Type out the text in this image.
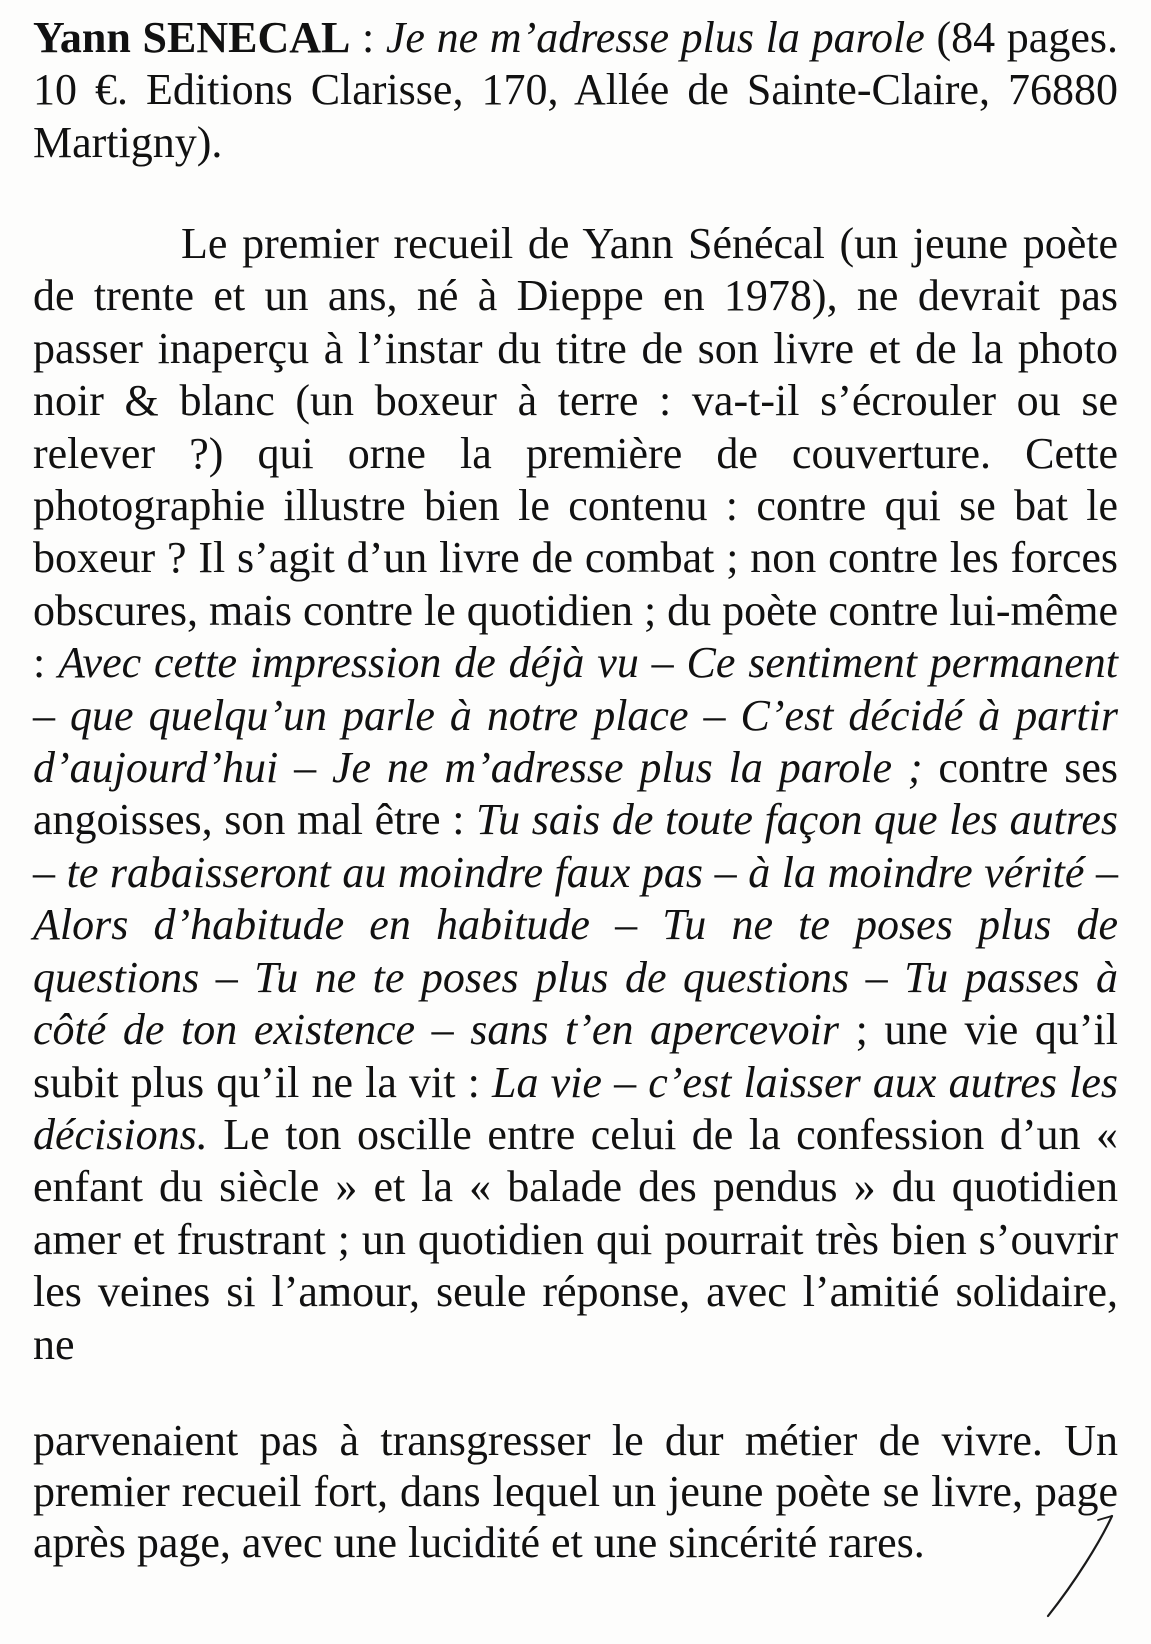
Yann SENECAL : Je ne m’adresse plus la parole (84 pages. 10 €. Editions Clarisse, 170, Allée de Sainte-Claire, 76880 Martigny).

Le premier recueil de Yann Sénécal (un jeune poète de trente et un ans, né à Dieppe en 1978), ne devrait pas passer inaperçu à l’instar du titre de son livre et de la photo noir & blanc (un boxeur à terre : va-t-il s’écrouler ou se relever ?) qui orne la première de couverture. Cette photographie illustre bien le contenu : contre qui se bat le boxeur ? Il s’agit d’un livre de combat ; non contre les forces obscures, mais contre le quotidien ; du poète contre lui-même : Avec cette impression de déjà vu – Ce sentiment permanent – que quelqu’un parle à notre place – C’est décidé à partir d’aujourd’hui – Je ne m’adresse plus la parole ; contre ses angoisses, son mal être : Tu sais de toute façon que les autres – te rabaisseront au moindre faux pas – à la moindre vérité – Alors d’habitude en habitude – Tu ne te poses plus de questions – Tu ne te poses plus de questions – Tu passes à côté de ton existence – sans t’en apercevoir ; une vie qu’il subit plus qu’il ne la vit : La vie – c’est laisser aux autres les décisions. Le ton oscille entre celui de la confession d’un « enfant du siècle » et la « balade des pendus » du quotidien amer et frustrant ; un quotidien qui pourrait très bien s’ouvrir les veines si l’amour, seule réponse, avec l’amitié solidaire, ne

parvenaient pas à transgresser le dur métier de vivre. Un premier recueil fort, dans lequel un jeune poète se livre, page après page, avec une lucidité et une sincérité rares.
